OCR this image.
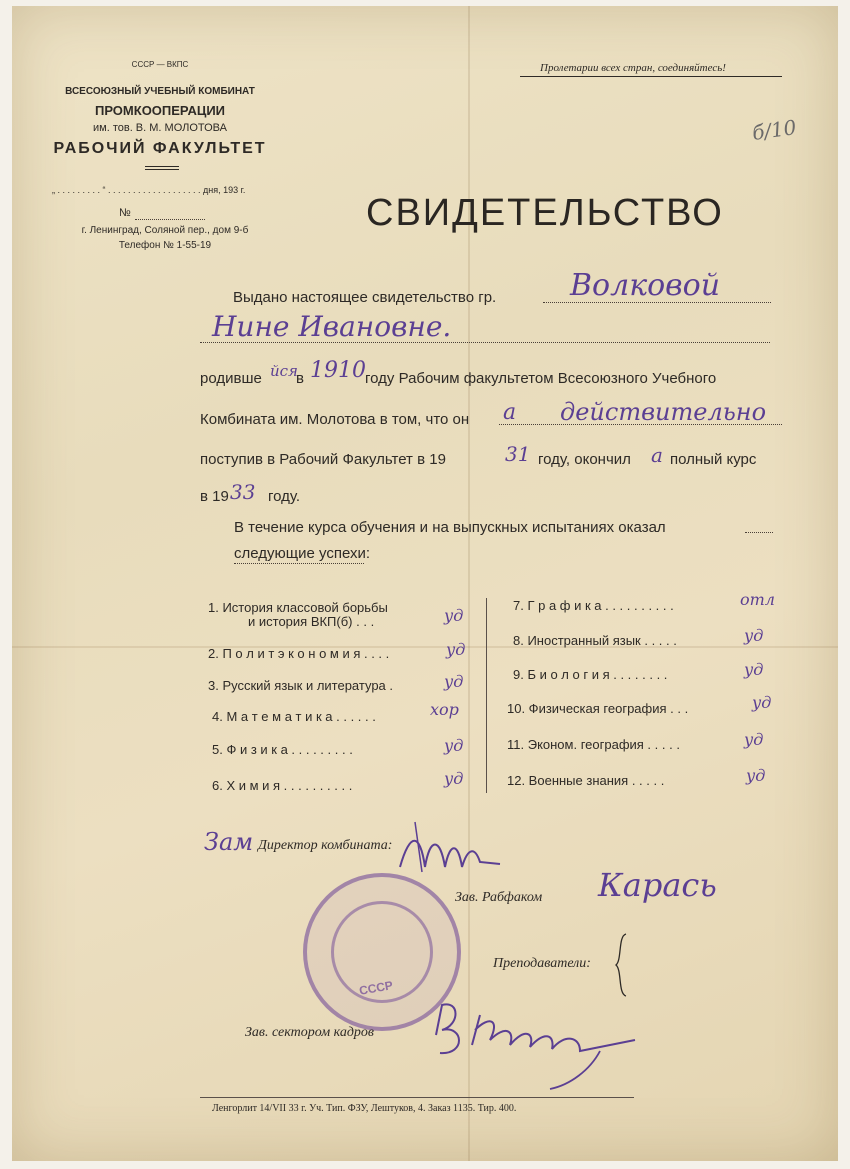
СССР — ВКПС
ВСЕСОЮЗНЫЙ УЧЕБНЫЙ КОМБИНАТ
ПРОМКООПЕРАЦИИ
им. тов. В. М. МОЛОТОВА
РАБОЧИЙ ФАКУЛЬТЕТ
„ . . . . . . . . . “ . . . . . . . . . . . . . . . . . . . дня, 193 г.
№
г. Ленинград, Соляной пер., дом 9-б
Телефон № 1-55-19
Пролетарии всех стран, соединяйтесь!
б/10
СВИДЕТЕЛЬСТВО
Выдано настоящее свидетельство гр. Волковой
Нине Ивановне.
родивше йся
в 1910 году Рабочим факультетом Всесоюзного Учебного
Комбината им. Молотова в том, что он а действительно
поступив в Рабочий Факультет в 19	31 году, окончил а полный курс
в 19 33 году.
В течение курса обучения и на выпускных испытаниях оказал
следующие успехи:
1. История классовой борьбы
и история ВКП(б) . . .	уд
2. П о л и т э к о н о м и я . . . .	уд
3. Русский язык и литература .	уд
4. М а т е м а т и к а . . . . . .	хор
5. Ф и з и к а . . . . . . . . .	уд
6. Х и м и я . . . . . . . . . .	уд
7. Г р а ф и к а . . . . . . . . . .	отл
8. Иностранный язык . . . . .	уд
9. Б и о л о г и я . . . . . . . .	уд
10. Физическая география . . .	уд
11. Эконом. география . . . . .	уд
12. Военные знания . . . . .	уд
Зам Директор комбината:
Зав. Рабфаком Карась
СССР
Преподаватели:
Зав. сектором кадров
Ленгорлит 14/VII 33 г. Уч. Тип. ФЗУ, Лештуков, 4. Заказ 1135. Тир. 400.
